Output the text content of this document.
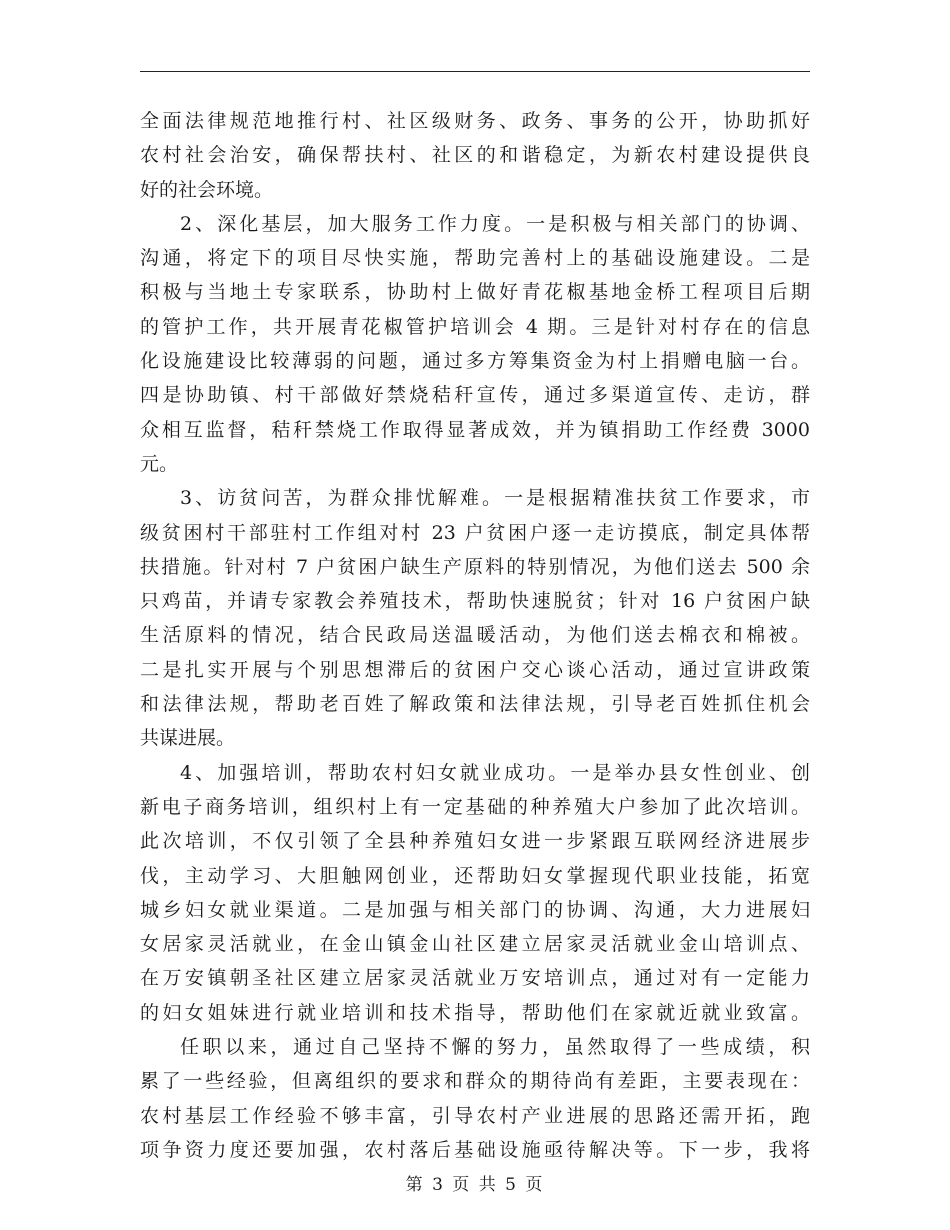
全面法律规范地推行村、社区级财务、政务、事务的公开，协助抓好
农村社会治安，确保帮扶村、社区的和谐稳定，为新农村建设提供良
好的社会环境。
2、深化基层，加大服务工作力度。一是积极与相关部门的协调、
沟通，将定下的项目尽快实施，帮助完善村上的基础设施建设。二是
积极与当地土专家联系，协助村上做好青花椒基地金桥工程项目后期
的管护工作，共开展青花椒管护培训会 4 期。三是针对村存在的信息
化设施建设比较薄弱的问题，通过多方筹集资金为村上捐赠电脑一台。
四是协助镇、村干部做好禁烧秸秆宣传，通过多渠道宣传、走访，群
众相互监督，秸秆禁烧工作取得显著成效，并为镇捐助工作经费 3000
元。
3、访贫问苦，为群众排忧解难。一是根据精准扶贫工作要求，市
级贫困村干部驻村工作组对村 23 户贫困户逐一走访摸底，制定具体帮
扶措施。针对村 7 户贫困户缺生产原料的特别情况，为他们送去 500 余
只鸡苗，并请专家教会养殖技术，帮助快速脱贫；针对 16 户贫困户缺
生活原料的情况，结合民政局送温暖活动，为他们送去棉衣和棉被。
二是扎实开展与个别思想滞后的贫困户交心谈心活动，通过宣讲政策
和法律法规，帮助老百姓了解政策和法律法规，引导老百姓抓住机会
共谋进展。
4、加强培训，帮助农村妇女就业成功。一是举办县女性创业、创
新电子商务培训，组织村上有一定基础的种养殖大户参加了此次培训。
此次培训，不仅引领了全县种养殖妇女进一步紧跟互联网经济进展步
伐，主动学习、大胆触网创业，还帮助妇女掌握现代职业技能，拓宽
城乡妇女就业渠道。二是加强与相关部门的协调、沟通，大力进展妇
女居家灵活就业，在金山镇金山社区建立居家灵活就业金山培训点、
在万安镇朝圣社区建立居家灵活就业万安培训点，通过对有一定能力
的妇女姐妹进行就业培训和技术指导，帮助他们在家就近就业致富。
任职以来，通过自己坚持不懈的努力，虽然取得了一些成绩，积
累了一些经验，但离组织的要求和群众的期待尚有差距，主要表现在：
农村基层工作经验不够丰富，引导农村产业进展的思路还需开拓，跑
项争资力度还要加强，农村落后基础设施亟待解决等。下一步，我将
第 3 页 共 5 页
